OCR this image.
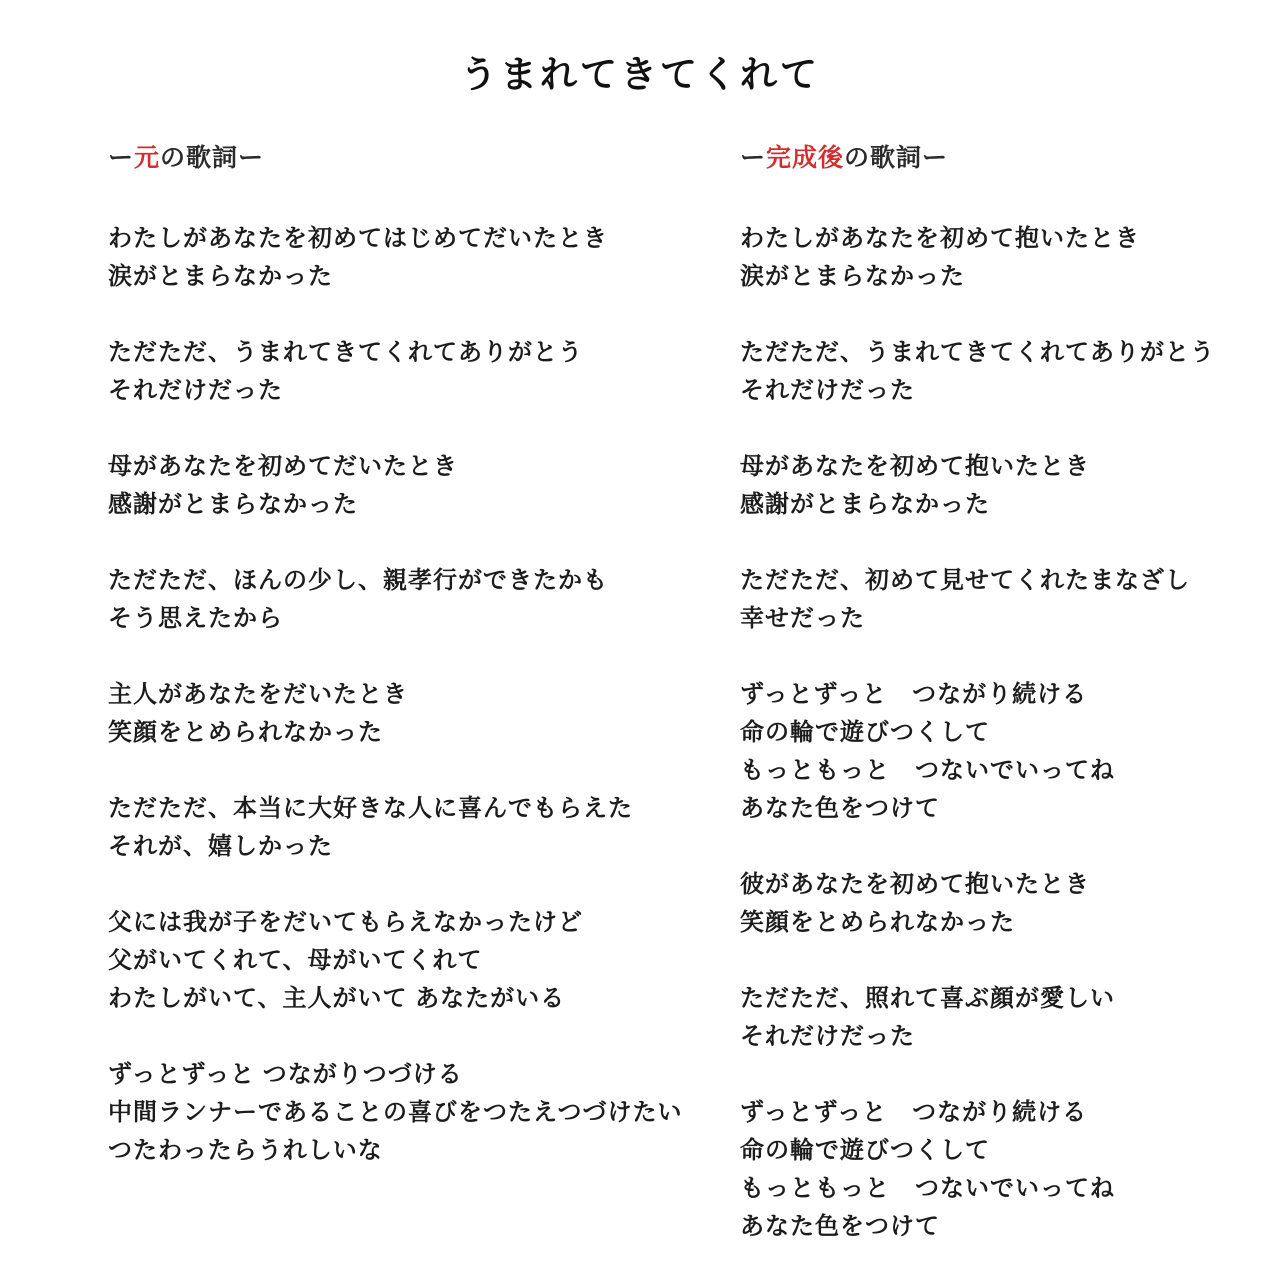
うまれてきてくれて
ー元の歌詞ー
わたしがあなたを初めてはじめてだいたとき
涙がとまらなかった
ただただ、うまれてきてくれてありがとう
それだけだった
母があなたを初めてだいたとき
感謝がとまらなかった
ただただ、ほんの少し、親孝行ができたかも
そう思えたから
主人があなたをだいたとき
笑顔をとめられなかった
ただただ、本当に大好きな人に喜んでもらえた
それが、嬉しかった
父には我が子をだいてもらえなかったけど
父がいてくれて、母がいてくれて
わたしがいて、主人がいて あなたがいる
ずっとずっと つながりつづける
中間ランナーであることの喜びをつたえつづけたい
つたわったらうれしいな
ー完成後の歌詞ー
わたしがあなたを初めて抱いたとき
涙がとまらなかった
ただただ、うまれてきてくれてありがとう
それだけだった
母があなたを初めて抱いたとき
感謝がとまらなかった
ただただ、初めて見せてくれたまなざし
幸せだった
ずっとずっと　つながり続ける
命の輪で遊びつくして
もっともっと　つないでいってね
あなた色をつけて
彼があなたを初めて抱いたとき
笑顔をとめられなかった
ただただ、照れて喜ぶ顔が愛しい
それだけだった
ずっとずっと　つながり続ける
命の輪で遊びつくして
もっともっと　つないでいってね
あなた色をつけて
